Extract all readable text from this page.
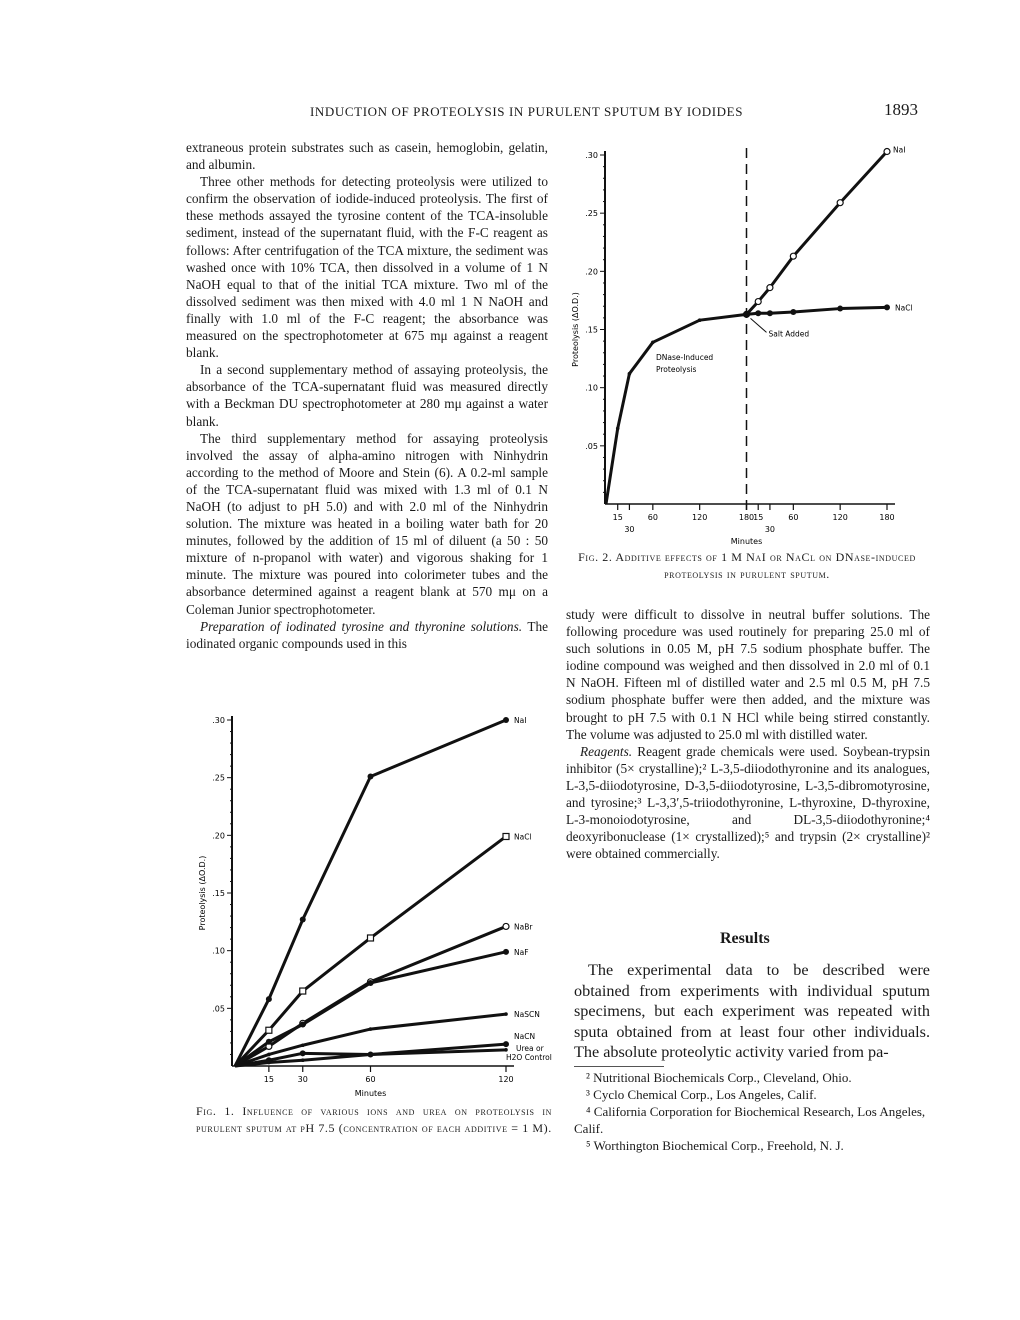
INDUCTION OF PROTEOLYSIS IN PURULENT SPUTUM BY IODIDES	1893

extraneous protein substrates such as casein, hemoglobin, gelatin, and albumin.

Three other methods for detecting proteolysis were utilized to confirm the observation of iodide-induced proteolysis. The first of these methods assayed the tyrosine content of the TCA-insoluble sediment, instead of the supernatant fluid, with the F-C reagent as follows: After centrifugation of the TCA mixture, the sediment was washed once with 10% TCA, then dissolved in a volume of 1 N NaOH equal to that of the initial TCA mixture. Two ml of the dissolved sediment was then mixed with 4.0 ml 1 N NaOH and finally with 1.0 ml of the F-C reagent; the absorbance was measured on the spectrophotometer at 675 mμ against a reagent blank.

In a second supplementary method of assaying proteolysis, the absorbance of the TCA-supernatant fluid was measured directly with a Beckman DU spectrophotometer at 280 mμ against a water blank.

The third supplementary method for assaying proteolysis involved the assay of alpha-amino nitrogen with Ninhydrin according to the method of Moore and Stein (6). A 0.2-ml sample of the TCA-supernatant fluid was mixed with 1.3 ml of 0.1 N NaOH (to adjust to pH 5.0) and with 2.0 ml of the Ninhydrin solution. The mixture was heated in a boiling water bath for 20 minutes, followed by the addition of 15 ml of diluent (a 50 : 50 mixture of n-propanol with water) and vigorous shaking for 1 minute. The mixture was poured into colorimeter tubes and the absorbance determined against a reagent blank at 570 mμ on a Coleman Junior spectrophotometer.

Preparation of iodinated tyrosine and thyronine solutions. The iodinated organic compounds used in this

.05
.10
.15
.20
.25
.30
15	30	60	120
Minutes
Proteolysis (ΔO.D.)
NaI
NaCl
NaBr
NaF
NaSCN
NaCN
Urea or H2O Control
Fig. 1. Influence of various ions and urea on proteolysis in purulent sputum at pH 7.5 (concentration of each additive = 1 M).
.05
.10
.15
.20
.25
.30
15
30
60	120	180
15
30
60	120	180
Minutes
Proteolysis (ΔO.D.)
NaI
NaCl
Salt Added
DNase-Induced
Proteolysis
Fig. 2. Additive effects of 1 M NaI or NaCl on DNase-induced proteolysis in purulent sputum.

study were difficult to dissolve in neutral buffer solutions. The following procedure was used routinely for preparing 25.0 ml of such solutions in 0.05 M, pH 7.5 sodium phosphate buffer. The iodine compound was weighed and then dissolved in 2.0 ml of 0.1 N NaOH. Fifteen ml of distilled water and 2.5 ml 0.5 M, pH 7.5 sodium phosphate buffer were then added, and the mixture was brought to pH 7.5 with 0.1 N HCl while being stirred constantly. The volume was adjusted to 25.0 ml with distilled water.

Reagents. Reagent grade chemicals were used. Soybean-trypsin inhibitor (5× crystalline);² L-3,5-diiodothyronine and its analogues, L-3,5-diiodotyrosine, D-3,5-diiodotyrosine, L-3,5-dibromotyrosine, and tyrosine;³ L-3,3′,5-triiodothyronine, L-thyroxine, D-thyroxine, L-3-monoiodotyrosine, and DL-3,5-diiodothyronine;⁴ deoxyribonuclease (1× crystallized);⁵ and trypsin (2× crystalline)² were obtained commercially.

Results
The experimental data to be described were obtained from experiments with individual sputum specimens, but each experiment was repeated with sputa obtained from at least four other individuals. The absolute proteolytic activity varied from pa-

² Nutritional Biochemicals Corp., Cleveland, Ohio.

³ Cyclo Chemical Corp., Los Angeles, Calif.

⁴ California Corporation for Biochemical Research, Los Angeles, Calif.

⁵ Worthington Biochemical Corp., Freehold, N. J.
